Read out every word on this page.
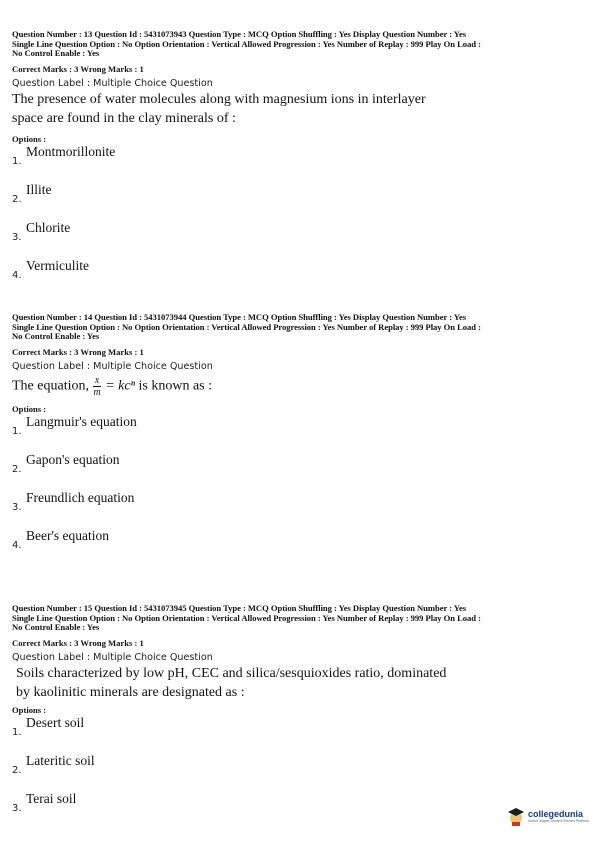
Question Number : 13 Question Id : 5431073943 Question Type : MCQ Option Shuffling : Yes Display Question Number : Yes
Single Line Question Option : No Option Orientation : Vertical Allowed Progression : Yes Number of Replay : 999 Play On Load :
No Control Enable : Yes
Correct Marks : 3 Wrong Marks : 1
Question Label : Multiple Choice Question
The presence of water molecules along with magnesium ions in interlayer
space are found in the clay minerals of :
Options :
1.
Montmorillonite
2.
Illite
3.
Chlorite
4.
Vermiculite
Question Number : 14 Question Id : 5431073944 Question Type : MCQ Option Shuffling : Yes Display Question Number : Yes
Single Line Question Option : No Option Orientation : Vertical Allowed Progression : Yes Number of Replay : 999 Play On Load :
No Control Enable : Yes
Correct Marks : 3 Wrong Marks : 1
Question Label : Multiple Choice Question
The equation, $\frac{x}{m} = kc^n$ is known as :
Options :
1.
Langmuir's equation
2.
Gapon's equation
3.
Freundlich equation
4.
Beer's equation
Question Number : 15 Question Id : 5431073945 Question Type : MCQ Option Shuffling : Yes Display Question Number : Yes
Single Line Question Option : No Option Orientation : Vertical Allowed Progression : Yes Number of Replay : 999 Play On Load :
No Control Enable : Yes
Correct Marks : 3 Wrong Marks : 1
Question Label : Multiple Choice Question
Soils characterized by low pH, CEC and silica/sesquioxides ratio, dominated
by kaolinitic minerals are designated as :
Options :
1.
Desert soil
2.
Lateritic soil
3.
Terai soil
collegedunia
India's largest Student Review Platform
